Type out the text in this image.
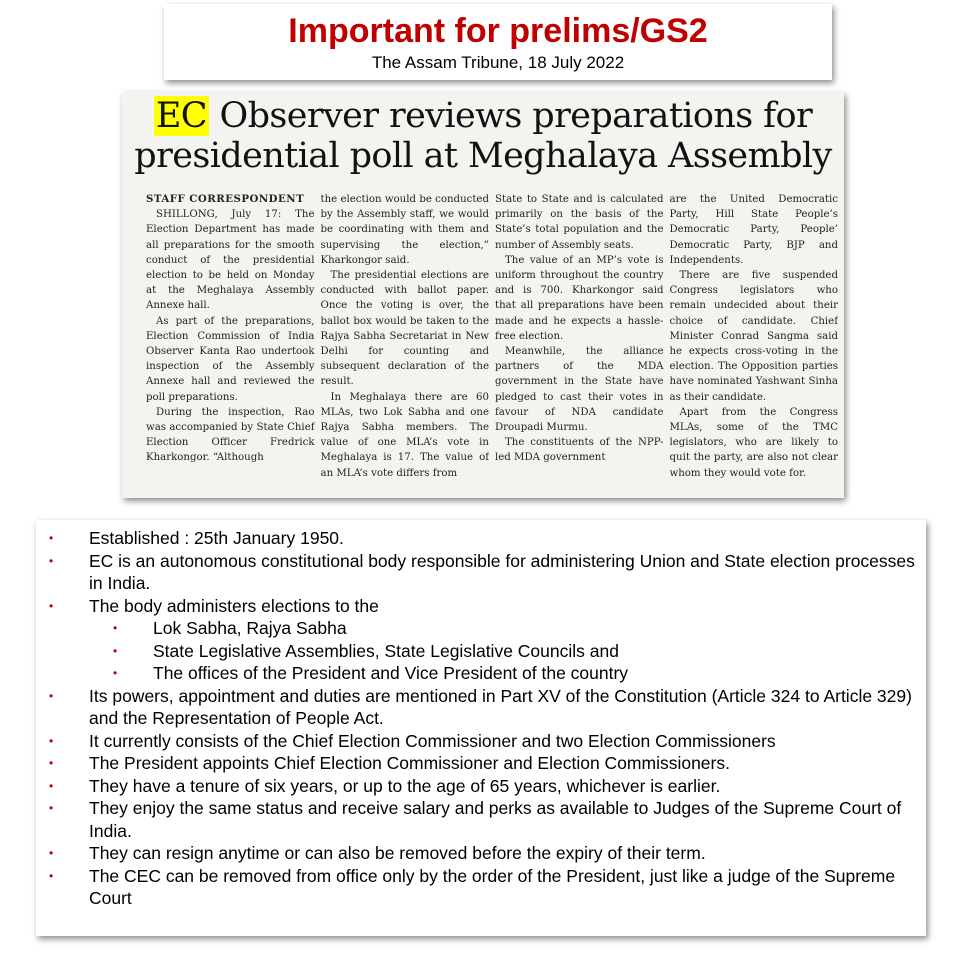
Important for prelims/GS2
The Assam Tribune, 18 July 2022
EC Observer reviews preparations for presidential poll at Meghalaya Assembly

STAFF CORRESPONDENT

SHILLONG, July 17: The Election Department has made all preparations for the smooth conduct of the presidential election to be held on Monday at the Meghalaya Assembly Annexe hall.

As part of the preparations, Election Commission of India Observer Kanta Rao undertook inspection of the Assembly Annexe hall and reviewed the poll preparations.

During the inspection, Rao was accompanied by State Chief Election Officer Fredrick Kharkongor. “Although

the election would be conducted by the Assembly staff, we would be coordinating with them and supervising the election,” Kharkongor said.

The presidential elections are conducted with ballot paper. Once the voting is over, the ballot box would be taken to the Rajya Sabha Secretariat in New Delhi for counting and subsequent declaration of the result.

In Meghalaya there are 60 MLAs, two Lok Sabha and one Rajya Sabha members. The value of one MLA’s vote in Meghalaya is 17. The value of an MLA’s vote differs from

State to State and is calculated primarily on the basis of the State’s total population and the number of Assembly seats.

The value of an MP’s vote is uniform throughout the country and is 700. Kharkongor said that all preparations have been made and he expects a hassle-free election.

Meanwhile, the alliance partners of the MDA government in the State have pledged to cast their votes in favour of NDA candidate Droupadi Murmu.

The constituents of the NPP-led MDA government

are the United Democratic Party, Hill State People’s Democratic Party, People’ Democratic Party, BJP and Independents.

There are five suspended Congress legislators who remain undecided about their choice of candidate. Chief Minister Conrad Sangma said he expects cross-voting in the election. The Opposition parties have nominated Yashwant Sinha as their candidate.

Apart from the Congress MLAs, some of the TMC legislators, who are likely to quit the party, are also not clear whom they would vote for.

• Established : 25th January 1950.
• EC is an autonomous constitutional body responsible for administering Union and State election processes in India.
• The body administers elections to the
• Lok Sabha, Rajya Sabha
• State Legislative Assemblies, State Legislative Councils and
• The offices of the President and Vice President of the country
• Its powers, appointment and duties are mentioned in Part XV of the Constitution (Article 324 to Article 329) and the Representation of People Act.
• It currently consists of the Chief Election Commissioner and two Election Commissioners
• The President appoints Chief Election Commissioner and Election Commissioners.
• They have a tenure of six years, or up to the age of 65 years, whichever is earlier.
• They enjoy the same status and receive salary and perks as available to Judges of the Supreme Court of India.
• They can resign anytime or can also be removed before the expiry of their term.
• The CEC can be removed from office only by the order of the President, just like a judge of the Supreme Court
